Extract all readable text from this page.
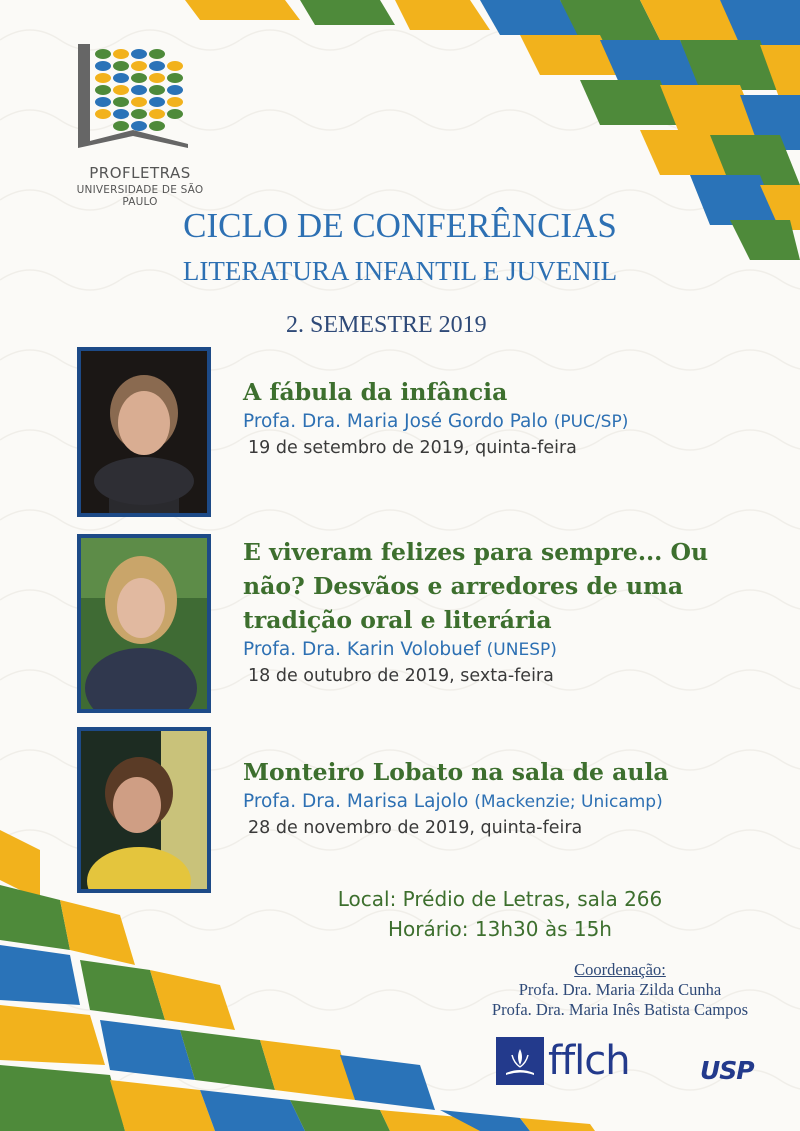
PROFLETRAS
UNIVERSIDADE DE SÃO PAULO
CICLO DE CONFERÊNCIAS
LITERATURA INFANTIL E JUVENIL
2. SEMESTRE 2019
A fábula da infância
Profa. Dra. Maria José Gordo Palo (PUC/SP)
19 de setembro de 2019, quinta-feira
E viveram felizes para sempre... Ou
não? Desvãos e arredores de uma
tradição oral e literária
Profa. Dra. Karin Volobuef (UNESP)
18 de outubro de 2019, sexta-feira
Monteiro Lobato na sala de aula
Profa. Dra. Marisa Lajolo (Mackenzie; Unicamp)
28 de novembro de 2019, quinta-feira
Local: Prédio de Letras, sala 266
Horário: 13h30 às 15h
Coordenação:
Profa. Dra. Maria Zilda Cunha
Profa. Dra. Maria Inês Batista Campos
fflch	USP
